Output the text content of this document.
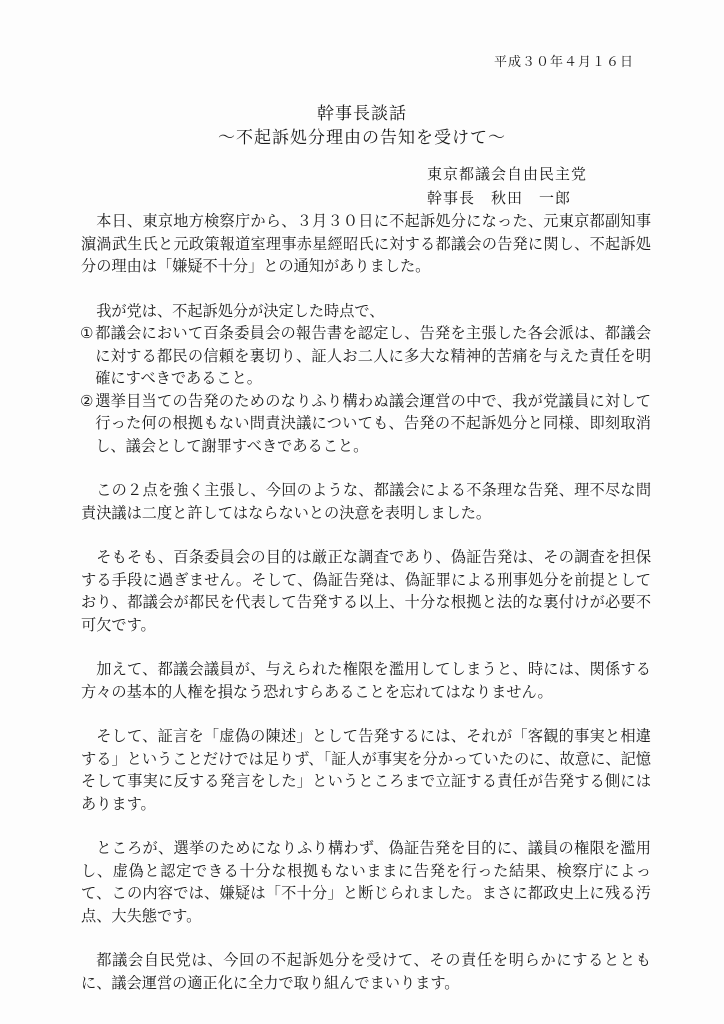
平成３０年４月１６日
幹事長談話
～不起訴処分理由の告知を受けて～
東京都議会自由民主党
幹事長　秋田　一郎

本日、東京地方検察庁から、３月３０日に不起訴処分になった、元東京都副知事濵渦武生氏と元政策報道室理事赤星經昭氏に対する都議会の告発に関し、不起訴処分の理由は「嫌疑不十分」との通知がありました。

我が党は、不起訴処分が決定した時点で、

① 都議会において百条委員会の報告書を認定し、告発を主張した各会派は、都議会に対する都民の信頼を裏切り、証人お二人に多大な精神的苦痛を与えた責任を明確にすべきであること。
② 選挙目当ての告発のためのなりふり構わぬ議会運営の中で、我が党議員に対して行った何の根拠もない問責決議についても、告発の不起訴処分と同様、即刻取消し、議会として謝罪すべきであること。

この２点を強く主張し、今回のような、都議会による不条理な告発、理不尽な問責決議は二度と許してはならないとの決意を表明しました。

そもそも、百条委員会の目的は厳正な調査であり、偽証告発は、その調査を担保する手段に過ぎません。そして、偽証告発は、偽証罪による刑事処分を前提としており、都議会が都民を代表して告発する以上、十分な根拠と法的な裏付けが必要不可欠です。

加えて、都議会議員が、与えられた権限を濫用してしまうと、時には、関係する方々の基本的人権を損なう恐れすらあることを忘れてはなりません。

そして、証言を「虚偽の陳述」として告発するには、それが「客観的事実と相違する」ということだけでは足りず、「証人が事実を分かっていたのに、故意に、記憶そして事実に反する発言をした」というところまで立証する責任が告発する側にはあります。

ところが、選挙のためになりふり構わず、偽証告発を目的に、議員の権限を濫用し、虚偽と認定できる十分な根拠もないままに告発を行った結果、検察庁によって、この内容では、嫌疑は「不十分」と断じられました。まさに都政史上に残る汚点、大失態です。

都議会自民党は、今回の不起訴処分を受けて、その責任を明らかにするとともに、議会運営の適正化に全力で取り組んでまいります。
